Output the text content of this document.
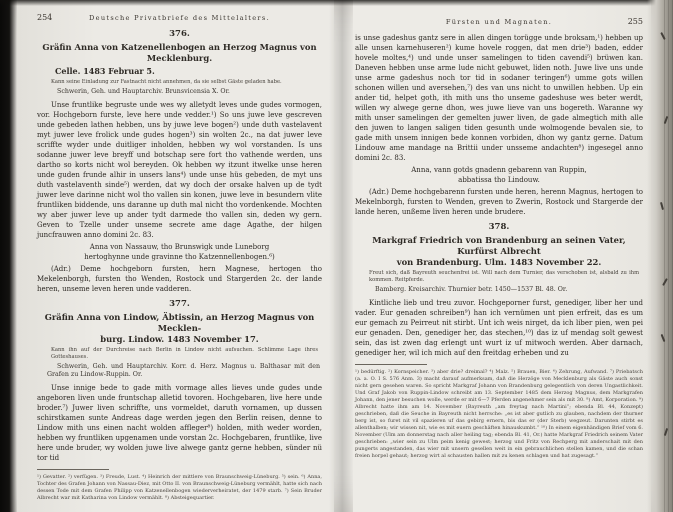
254	Deutsche Privatbriefe des Mittelalters.
376.
Gräfin Anna von Katzenellenbogen an Herzog Magnus von Mecklenburg.
Celle. 1483 Februar 5.
Kann seine Einladung zur Fastnacht nicht annehmen, da sie selbst Gäste geladen habe.
Schwerin, Geh. und Hauptarchiv. Brunsvicensia X. Or.

Unse fruntlike begruste unde wes wy alletydt leves unde gudes vormogen, vor. Hochgeborn furste, leve here unde vedder.¹) So uns juwe leve gescreven unde gebeden lathen hebben, uns by juwe leve bogen²) unde duth vastelavent myt juwer leve frolick unde gudes hogen³) sin wolten 2c., na dat juwer leve scriffte wyder unde duitliger inholden, hebben wy wol vorstanden. Is uns sodanne juwer leve breyff und botschap sere fort tho vathende werden, uns dartho so korts nicht wol bereyden. Ok hebben wy itzunt itwelke unse heren unde guden frunde alhir in unsers lans⁴) unde unse hüs gebeden, de myt uns duth vastelaventh sinde⁵) werden, dat wy doch der orsake halven up de tydt juwer leve darinne nicht wol tho vallen sin konen, juwe leve in besundern vlite fruntliken biddende, uns daranne up duth mal nicht tho vordenkende. Mochten wy aber juwer leve up ander tydt darmede tho vallen sin, deden wy gern. Geven to Tzelle under unseme secrete ame dage Agathe, der hilgen juncfrauwen anno domini 2c. 83.

Anna von Nassauw, tho Brunswigk unde Luneborg
hertoghynne unde gravinne tho Katzennellenbogen.⁶)

(Adr.) Deme hochgeborn fursten, hern Magnese, hertogen tho Mekelenborgh, fursten tho Wenden, Rostock und Stargerden 2c. der lande heren, unseme leven heren unde vadderen.

377.
Gräfin Anna von Lindow, Äbtissin, an Herzog Magnus von Mecklen-
burg. Lindow. 1483 November 17.
Kann ihn auf der Durchreise nach Berlin in Lindow nicht aufsuchen. Schlimme Lage ihres Gotteshauses.
Schwerin, Geh. und Hauptarchiv. Korr. d. Herz. Magnus u. Balthasar mit den Grafen zu Lindow-Ruppin. Or.

Unse innige bede to gade mith vormage alles lieves unde gudes unde angeboren liven unde fruntschap alletid tovoren. Hochgebaren, live here unde broder.⁷) Juwer liven schriffte, uns vormeldet, daruth vornamen, up dussen schirstkamen sunte Andreas dage werden jegen den Berlin reisen, denne to Lindow mith uns einen nacht wolden affleger⁸) holden, mith weder worden, hebben wy fruntliken upgenamen unde vorstan 2c. Hochgebaren, fruntlike, live here unde bruder, wy wolden juwe live alwege gantz gerne hebben, sünder nü tor tid

¹) Gevatter. ²) verfügen. ³) Freude, Lust. ⁴) Heinrich der mittlere von Braunschweig-Lüneburg. ⁵) sein. ⁶) Anna, Tochter des Grafen Johann von Nassau-Diez, mit Otto II. von Braunschweig-Lüneburg vermählt, hatte sich nach dessen Tode mit dem Grafen Philipp von Katzenellenbogen wiederverheiratet, der 1479 starb. ⁷) Sein Bruder Albrecht war mit Katharina von Lindow vermählt. ⁸) Absteigequartier.

Fürsten und Magnaten.	255

is unse gadeshus gantz sere in allen dingen torügge unde broksam,¹) hebben up alle unsen karnehuseren²) kume hovele roggen, dat men drie³) baden, edder hovele moltes,⁴) und unde unser samelingen to tiden cavendi⁵) brüwen kan. Daneven hebben unse arme lude nicht gebuwet, liden noth. Juwe live uns unde unse arme gadeshus noch tor tid in sodaner teringen⁶) umme gots willen schonen willen und aversehen,⁷) des van uns nicht to unwillen hebben. Up ein ander tid, helpet goth, ith mith uns tho unseme gadeshuse wes beter werdt, willen wy alwege gerne dhon, wes juwe lieve van uns bogereth. Waranne wy mith unser samelingen der gemelten juwer liven, de gade almegtich mith alle den juwen to langen saligen tiden gesunth unde wolmogende bevalen sie, to gade mith unsem innigen bede konnen vorbiden, dhon wy gantz gerne. Datum Lindouw ame mandage na Brittii under unsseme andachten⁸) ingesegel anno domini 2c. 83.

Anna, vann gotds gnadenn gebarenn van Ruppin,
abbatissa tho Lindouw.

(Adr.) Deme hochgebarenn fursten unde heren, herenn Magnus, hertogen to Mekelnborgh, fursten to Wenden, greven to Zwerin, Rostock und Stargerde der lande heren, unßeme liven heren unde brudere.

378.
Markgraf Friedrich von Brandenburg an seinen Vater, Kurfürst Albrecht
von Brandenburg. Ulm. 1483 November 22.
Freut sich, daß Bayreuth seuchenfrei ist. Will nach dem Turnier, das verschoben ist, alsbald zu ihm kommen. Reitpferde.
Bamberg. Kreisarchiv. Thurnier betr. 1450—1537 Bl. 48. Or.

Kintliche lieb und treu zuvor. Hochgeporner furst, genediger, liber her und vader. Eur genaden schreiben⁹) han ich vernümen unt pien erfreit, das es um eur gemach zu Peirreut nit stirbt. Unt ich weis nirget, da ich liber pien, wen pei eur genaden. Den, genediger her, das stechen,¹⁰) das iz uf mendag solt gewest sein, das ist zwen dag erlengt unt wurt iz uf mitwoch werden. Aber darnach, genediger her, wil ich mich auf den freitdag erheben und zu

¹) bedürftig. ²) Kornspeicher. ³) aber drie? dreimal? ⁴) Malz. ⁵) Brauen, Bier. ⁶) Zehrung, Aufwand. ⁷) Priebatsch (a. a. O. I S. 576 Anm. 3) macht darauf aufmerksam, daß die Herzöge von Mecklenburg als Gäste auch sonst nicht gern gesehen waren. So spricht Markgraf Johann von Brandenburg gelegentlich von deren Ungastlichkeit. Und Graf Jakob von Ruppin-Lindow schreibt am 13. September 1485 dem Herzog Magnus, dem Markgrafen Johann, den jener besuchen wolle, werde er mit 6—7 Pferden angenehmer sein als mit 30. ⁸) Amt, Korporation. ⁹) Albrecht hatte ihm am 14. November (Bayreuth „am freytag nach Martini“; ebenda Bl. 44, Konzept) geschrieben, daß die Seuche in Bayreuth nicht herrsche: „es ist aber gutlich zu glauben, nachdem der thurner berg ist, so furet nit vil spazieren uf das gebirg ernern, bis das er (der Sterb) wegzeut. Darunten stirbt es allenthalben; wir wissen nit, wie es mit euern geschäften hinauskumbt.“ ¹⁰) In einem eigenhändigen Brief vom 6. November (Ulm am donnerstag nach aller heiling tag; ebenda Bl. 41, Or.) hatte Markgraf Friedrich seinem Vater geschrieben: „wier sein zu Ulm peim kenig gewest; herzog und Fritz von Rechperg mit anderschait mit den pungerts angestanden, das wier mit unsern gesellen weit in ein gebrauchlichen stellen kamen, und die schan freien horpel gehaut; herzog wirt al schausten hallen mit zu kenen schlagen und hat zugesagt.“
